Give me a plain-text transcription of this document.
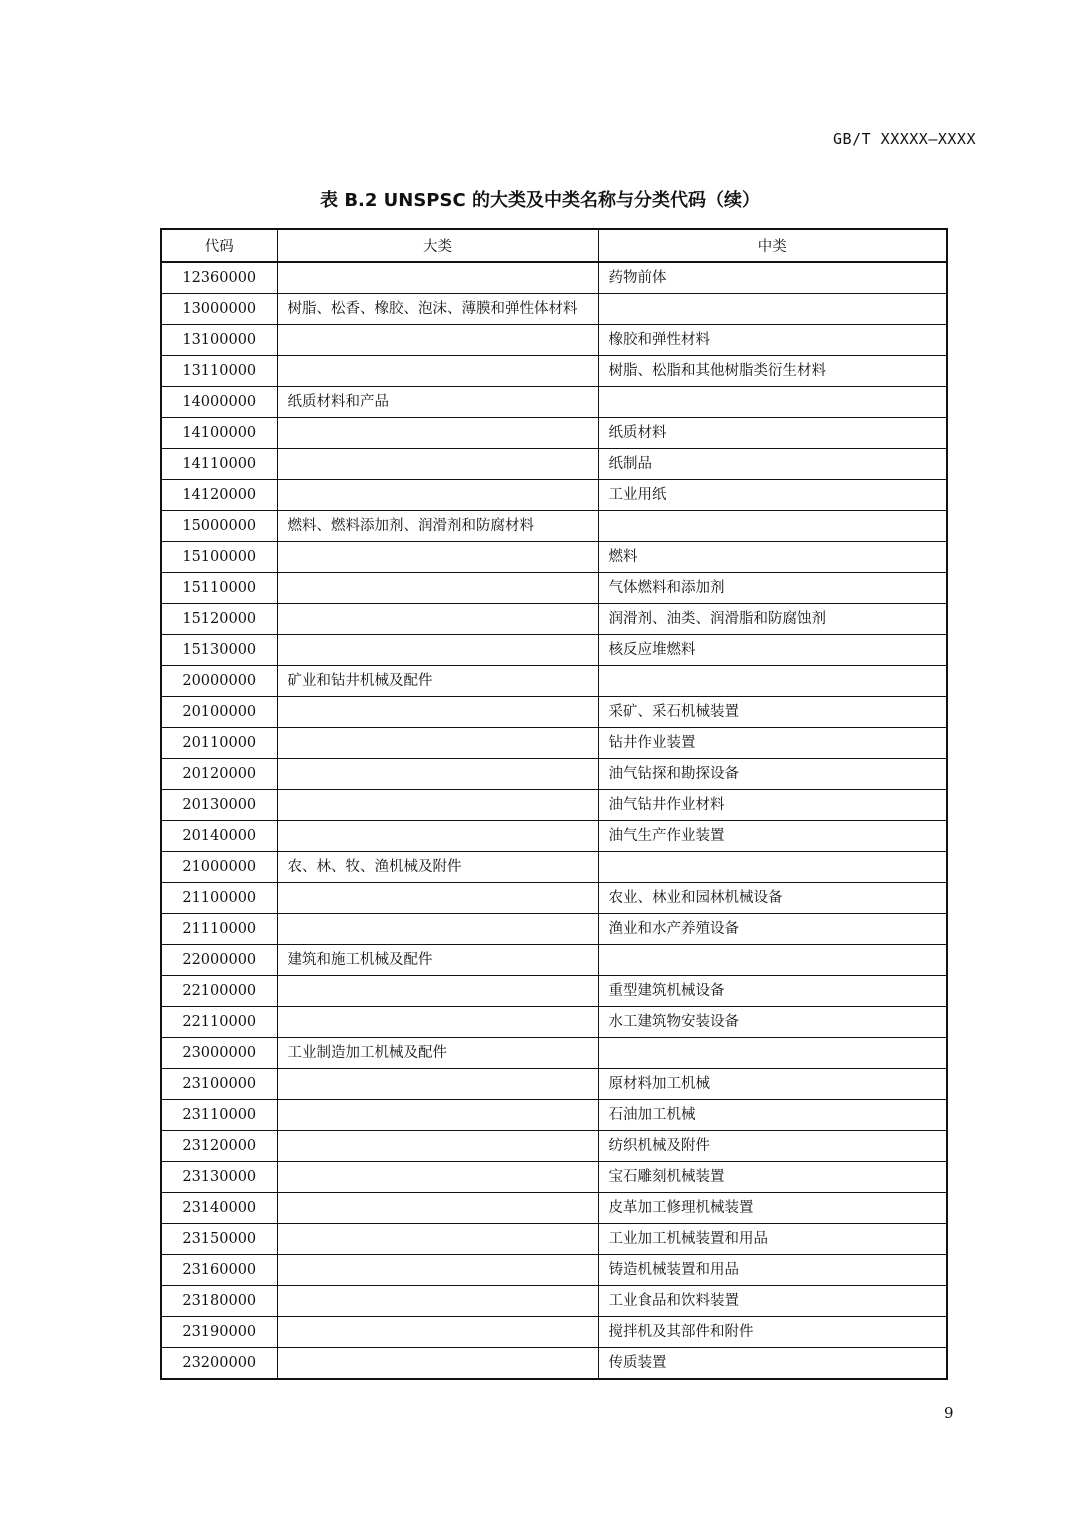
GB/T XXXXX—XXXX
表 B.2 UNSPSC 的大类及中类名称与分类代码（续）
代码	大类	中类
12360000		药物前体
13000000	树脂、松香、橡胶、泡沫、薄膜和弹性体材料	
13100000		橡胶和弹性材料
13110000		树脂、松脂和其他树脂类衍生材料
14000000	纸质材料和产品	
14100000		纸质材料
14110000		纸制品
14120000		工业用纸
15000000	燃料、燃料添加剂、润滑剂和防腐材料	
15100000		燃料
15110000		气体燃料和添加剂
15120000		润滑剂、油类、润滑脂和防腐蚀剂
15130000		核反应堆燃料
20000000	矿业和钻井机械及配件	
20100000		采矿、采石机械装置
20110000		钻井作业装置
20120000		油气钻探和勘探设备
20130000		油气钻井作业材料
20140000		油气生产作业装置
21000000	农、林、牧、渔机械及附件	
21100000		农业、林业和园林机械设备
21110000		渔业和水产养殖设备
22000000	建筑和施工机械及配件	
22100000		重型建筑机械设备
22110000		水工建筑物安装设备
23000000	工业制造加工机械及配件	
23100000		原材料加工机械
23110000		石油加工机械
23120000		纺织机械及附件
23130000		宝石雕刻机械装置
23140000		皮革加工修理机械装置
23150000		工业加工机械装置和用品
23160000		铸造机械装置和用品
23180000		工业食品和饮料装置
23190000		搅拌机及其部件和附件
23200000		传质装置
9
